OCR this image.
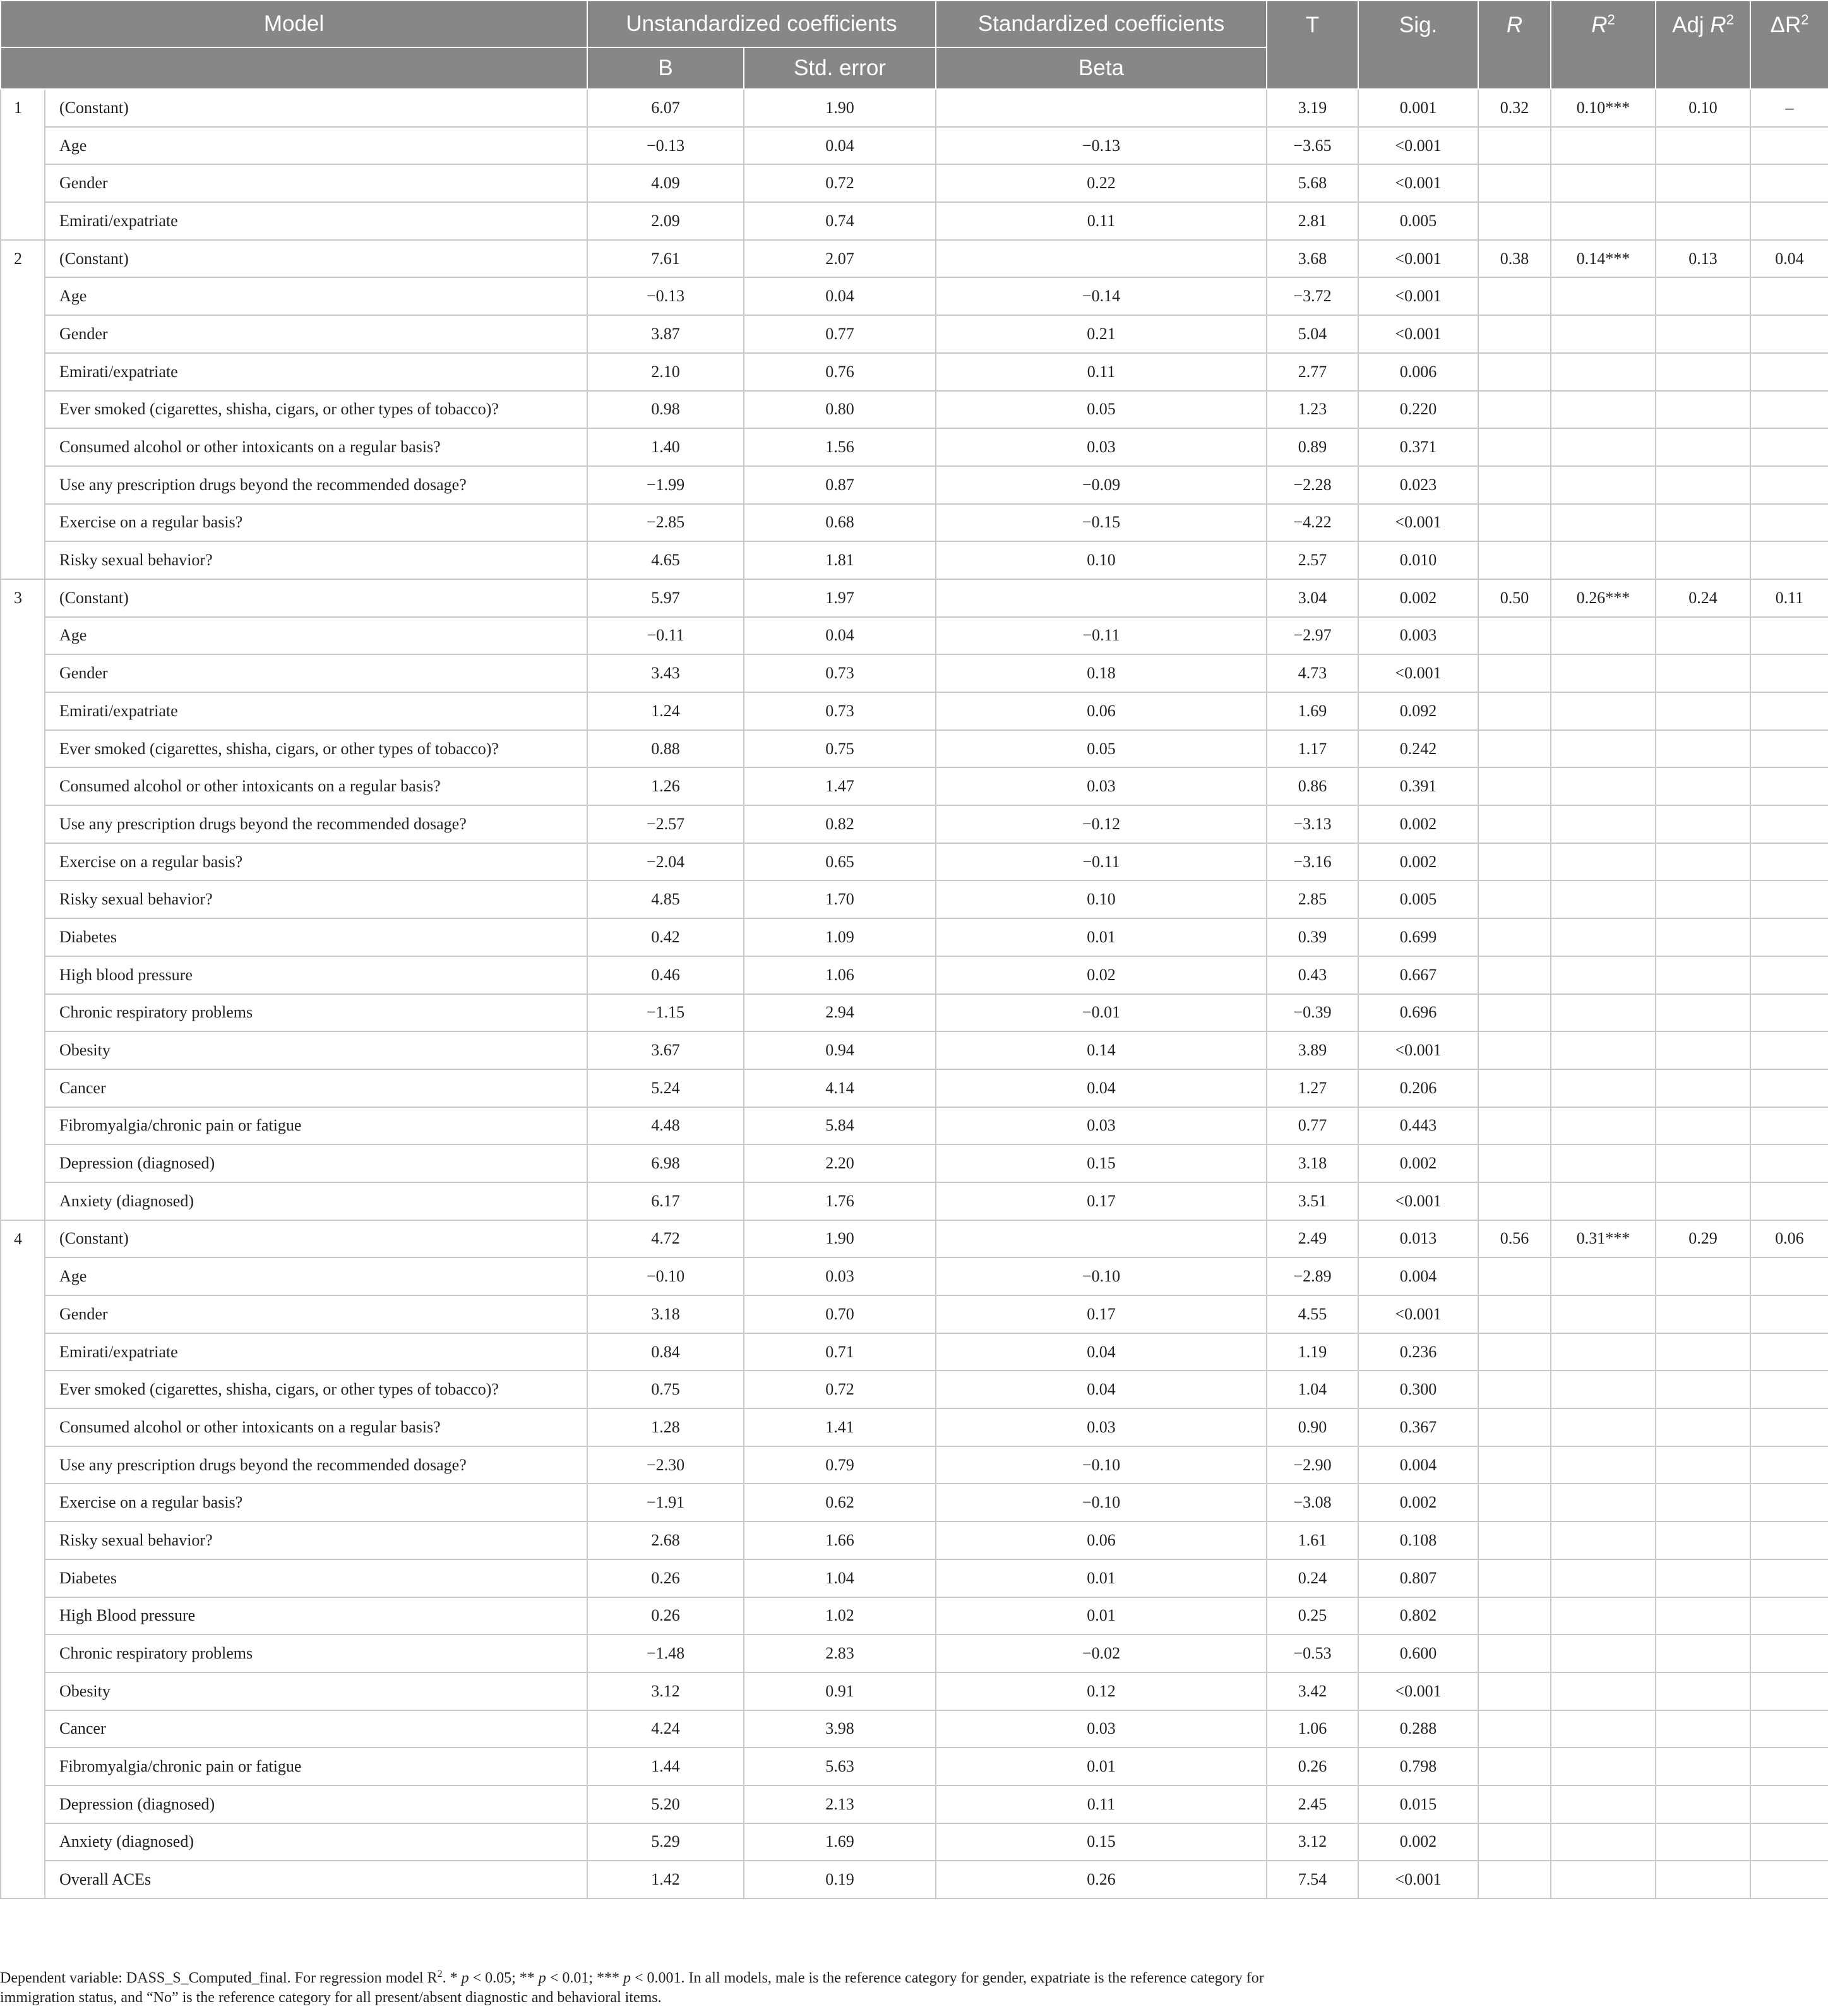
Model		Unstandardized coefficients		Standardized coefficients	T	Sig.	R	$R^2$	Adj $R^2$	$\Delta R^2$
		B	Std. error	Beta						
1	(Constant)	6.07	1.90		3.19	0.001	0.32	0.10***	0.10	–
	Age	−0.13	0.04	−0.13	−3.65	<0.001				
	Gender	4.09	0.72	0.22	5.68	<0.001				
	Emirati/expatriate	2.09	0.74	0.11	2.81	0.005				
2	(Constant)	7.61	2.07		3.68	<0.001	0.38	0.14***	0.13	0.04
	Age	−0.13	0.04	−0.14	−3.72	<0.001				
	Gender	3.87	0.77	0.21	5.04	<0.001				
	Emirati/expatriate	2.10	0.76	0.11	2.77	0.006				
	Ever smoked (cigarettes, shisha, cigars, or other types of tobacco)?	0.98	0.80	0.05	1.23	0.220				
	Consumed alcohol or other intoxicants on a regular basis?	1.40	1.56	0.03	0.89	0.371				
	Use any prescription drugs beyond the recommended dosage?	−1.99	0.87	−0.09	−2.28	0.023				
	Exercise on a regular basis?	−2.85	0.68	−0.15	−4.22	<0.001				
	Risky sexual behavior?	4.65	1.81	0.10	2.57	0.010				
3	(Constant)	5.97	1.97		3.04	0.002	0.50	0.26***	0.24	0.11
	Age	−0.11	0.04	−0.11	−2.97	0.003				
	Gender	3.43	0.73	0.18	4.73	<0.001				
	Emirati/expatriate	1.24	0.73	0.06	1.69	0.092				
	Ever smoked (cigarettes, shisha, cigars, or other types of tobacco)?	0.88	0.75	0.05	1.17	0.242				
	Consumed alcohol or other intoxicants on a regular basis?	1.26	1.47	0.03	0.86	0.391				
	Use any prescription drugs beyond the recommended dosage?	−2.57	0.82	−0.12	−3.13	0.002				
	Exercise on a regular basis?	−2.04	0.65	−0.11	−3.16	0.002				
	Risky sexual behavior?	4.85	1.70	0.10	2.85	0.005				
	Diabetes	0.42	1.09	0.01	0.39	0.699				
	High blood pressure	0.46	1.06	0.02	0.43	0.667				
	Chronic respiratory problems	−1.15	2.94	−0.01	−0.39	0.696				
	Obesity	3.67	0.94	0.14	3.89	<0.001				
	Cancer	5.24	4.14	0.04	1.27	0.206				
	Fibromyalgia/chronic pain or fatigue	4.48	5.84	0.03	0.77	0.443				
	Depression (diagnosed)	6.98	2.20	0.15	3.18	0.002				
	Anxiety (diagnosed)	6.17	1.76	0.17	3.51	<0.001				
4	(Constant)	4.72	1.90		2.49	0.013	0.56	0.31***	0.29	0.06
	Age	−0.10	0.03	−0.10	−2.89	0.004				
	Gender	3.18	0.70	0.17	4.55	<0.001				
	Emirati/expatriate	0.84	0.71	0.04	1.19	0.236				
	Ever smoked (cigarettes, shisha, cigars, or other types of tobacco)?	0.75	0.72	0.04	1.04	0.300				
	Consumed alcohol or other intoxicants on a regular basis?	1.28	1.41	0.03	0.90	0.367				
	Use any prescription drugs beyond the recommended dosage?	−2.30	0.79	−0.10	−2.90	0.004				
	Exercise on a regular basis?	−1.91	0.62	−0.10	−3.08	0.002				
	Risky sexual behavior?	2.68	1.66	0.06	1.61	0.108				
	Diabetes	0.26	1.04	0.01	0.24	0.807				
	High Blood pressure	0.26	1.02	0.01	0.25	0.802				
	Chronic respiratory problems	−1.48	2.83	−0.02	−0.53	0.600				
	Obesity	3.12	0.91	0.12	3.42	<0.001				
	Cancer	4.24	3.98	0.03	1.06	0.288				
	Fibromyalgia/chronic pain or fatigue	1.44	5.63	0.01	0.26	0.798				
	Depression (diagnosed)	5.20	2.13	0.11	2.45	0.015				
	Anxiety (diagnosed)	5.29	1.69	0.15	3.12	0.002				
	Overall ACEs	1.42	0.19	0.26	7.54	<0.001				
Dependent variable: DASS_S_Computed_final. For regression model $R^2$. * p < 0.05; ** p < 0.01; *** p < 0.001. In all models, male is the reference category for gender, expatriate is the reference category for immigration status, and “No” is the reference category for all present/absent diagnostic and behavioral items.
